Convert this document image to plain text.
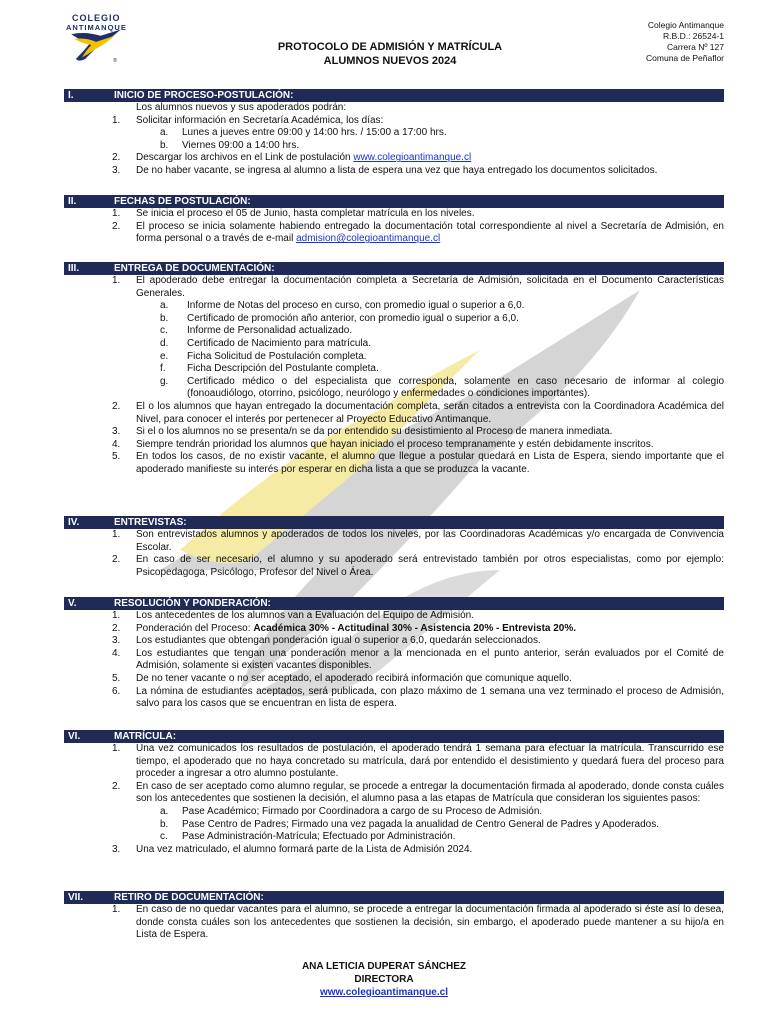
COLEGIO
ANTIMANQUE
®
PROTOCOLO DE ADMISIÓN Y MATRÍCULA
ALUMNOS NUEVOS 2024
Colegio Antimanque
R.B.D.: 26524-1
Carrera Nº 127
Comuna de Peñaflor
I.	INICIO DE PROCESO-POSTULACIÓN:
Los alumnos nuevos y sus apoderados podrán:
1. Solicitar información en Secretaría Académica, los días:
a. Lunes a jueves entre 09:00 y 14:00 hrs. / 15:00 a 17:00 hrs.
b. Viernes 09:00 a 14:00 hrs.
2. Descargar los archivos en el Link de postulación www.colegioantimanque.cl
3. De no haber vacante, se ingresa al alumno a lista de espera una vez que haya entregado los documentos solicitados.
II.	FECHAS DE POSTULACIÓN:
1. Se inicia el proceso el 05 de Junio, hasta completar matrícula en los niveles.
2. El proceso se inicia solamente habiendo entregado la documentación total correspondiente al nivel a Secretaría de Admisión, en forma personal o a través de e-mail admision@colegioantimanque.cl
III.	ENTREGA DE DOCUMENTACIÓN:
1. El apoderado debe entregar la documentación completa a Secretaría de Admisión, solicitada en el Documento Características Generales.
a. Informe de Notas del proceso en curso, con promedio igual o superior a 6,0.
b. Certificado de promoción año anterior, con promedio igual o superior a 6,0.
c. Informe de Personalidad actualizado.
d. Certificado de Nacimiento para matrícula.
e. Ficha Solicitud de Postulación completa.
f. Ficha Descripción del Postulante completa.
g. Certificado médico o del especialista que corresponda, solamente en caso necesario de informar al colegio (fonoaudiólogo, otorrino, psicólogo, neurólogo y enfermedades o condiciones importantes).
2. El o los alumnos que hayan entregado la documentación completa, serán citados a entrevista con la Coordinadora Académica del Nivel, para conocer el interés por pertenecer al Proyecto Educativo Antimanque.
3. Si el o los alumnos no se presenta/n se da por entendido su desistimiento al Proceso de manera inmediata.
4. Siempre tendrán prioridad los alumnos que hayan iniciado el proceso tempranamente y estén debidamente inscritos.
5. En todos los casos, de no existir vacante, el alumno que llegue a postular quedará en Lista de Espera, siendo importante que el apoderado manifieste su interés por esperar en dicha lista a que se produzca la vacante.
IV.	ENTREVISTAS:
1. Son entrevistados alumnos y apoderados de todos los niveles, por las Coordinadoras Académicas y/o encargada de Convivencia Escolar.
2. En caso de ser necesario, el alumno y su apoderado será entrevistado también por otros especialistas, como por ejemplo: Psicopedagoga, Psicólogo, Profesor del Nivel o Área.
V.	RESOLUCIÓN Y PONDERACIÓN:
1. Los antecedentes de los alumnos van a Evaluación del Equipo de Admisión.
2. Ponderación del Proceso: Académica 30% - Actitudinal 30% - Asistencia 20% - Entrevista 20%.
3. Los estudiantes que obtengan ponderación igual o superior a 6,0, quedarán seleccionados.
4. Los estudiantes que tengan una ponderación menor a la mencionada en el punto anterior, serán evaluados por el Comité de Admisión, solamente si existen vacantes disponibles.
5. De no tener vacante o no ser aceptado, el apoderado recibirá información que comunique aquello.
6. La nómina de estudiantes aceptados, será publicada, con plazo máximo de 1 semana una vez terminado el proceso de Admisión, salvo para los casos que se encuentran en lista de espera.
VI.	MATRÍCULA:
1. Una vez comunicados los resultados de postulación, el apoderado tendrá 1 semana para efectuar la matrícula. Transcurrido ese tiempo, el apoderado que no haya concretado su matrícula, dará por entendido el desistimiento y quedará fuera del proceso para proceder a ingresar a otro alumno postulante.
2. En caso de ser aceptado como alumno regular, se procede a entregar la documentación firmada al apoderado, donde consta cuáles son los antecedentes que sostienen la decisión, el alumno pasa a las etapas de Matrícula que consideran los siguientes pasos:
a. Pase Académico; Firmado por Coordinadora a cargo de su Proceso de Admisión.
b. Pase Centro de Padres; Firmado una vez pagada la anualidad de Centro General de Padres y Apoderados.
c. Pase Administración-Matrícula; Efectuado por Administración.
3. Una vez matriculado, el alumno formará parte de la Lista de Admisión 2024.
VII.	RETIRO DE DOCUMENTACIÓN:
1. En caso de no quedar vacantes para el alumno, se procede a entregar la documentación firmada al apoderado si éste así lo desea, donde consta cuáles son los antecedentes que sostienen la decisión, sin embargo, el apoderado puede mantener a su hijo/a en Lista de Espera.
ANA LETICIA DUPERAT SÁNCHEZ
DIRECTORA
www.colegioantimanque.cl
